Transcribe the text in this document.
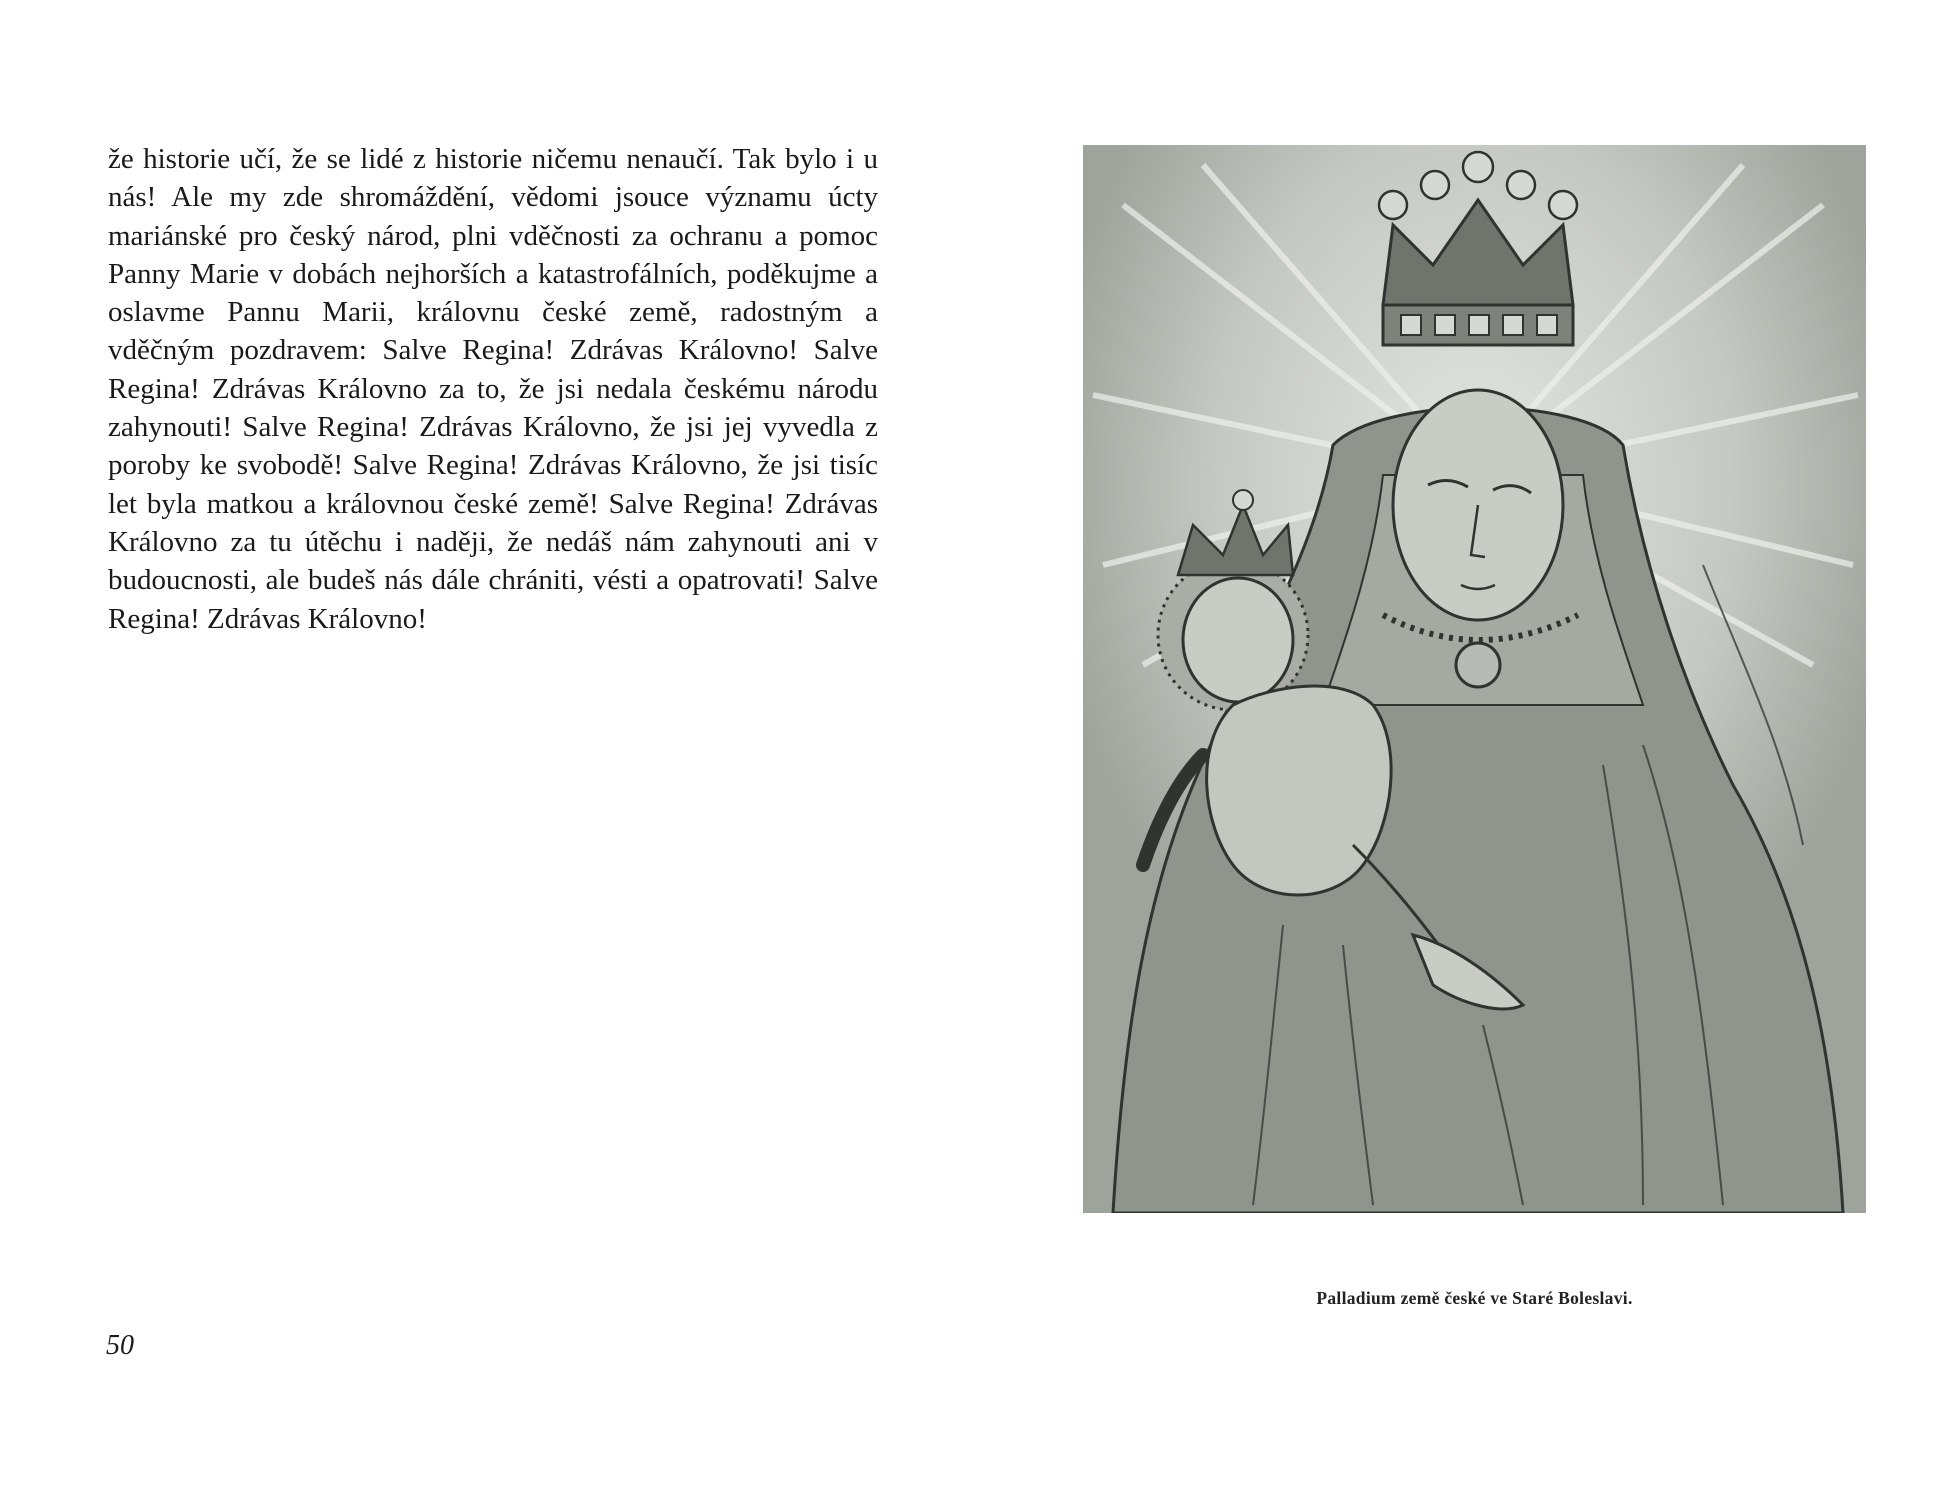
že historie učí, že se lidé z historie ničemu nenaučí. Tak bylo i u nás! Ale my zde shromáždění, vědomi jsouce významu úcty mariánské pro český národ, plni vděčnosti za ochranu a pomoc Panny Marie v dobách nejhorších a katastrofálních, poděkujme a oslavme Pannu Marii, královnu české země, radostným a vděčným pozdravem: Salve Regina! Zdrávas Královno! Salve Regina! Zdrávas Královno za to, že jsi nedala českému národu zahynouti! Salve Regina! Zdrávas Královno, že jsi jej vyvedla z poroby ke svobodě! Salve Regina! Zdrávas Královno, že jsi tisíc let byla matkou a královnou české země! Salve Regina! Zdrávas Královno za tu útěchu i naději, že nedáš nám zahynouti ani v budoucnosti, ale budeš nás dále chrániti, vésti a opatrovati! Salve Regina! Zdrávas Královno!

50
Palladium země české ve Staré Boleslavi.
